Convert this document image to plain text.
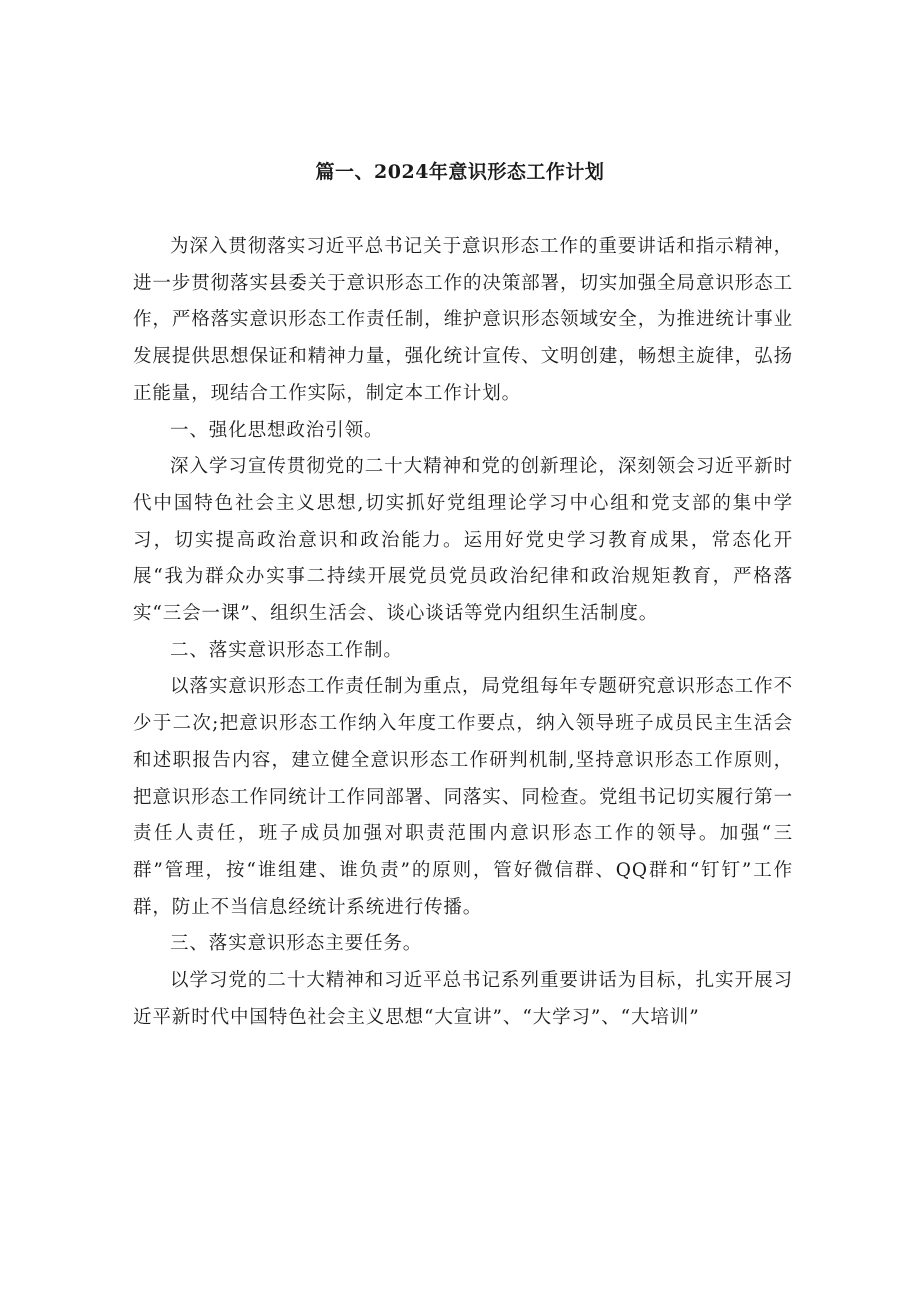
篇一、2024年意识形态工作计划

为深入贯彻落实习近平总书记关于意识形态工作的重要讲话和指示精神，进一步贯彻落实县委关于意识形态工作的决策部署，切实加强全局意识形态工作，严格落实意识形态工作责任制，维护意识形态领域安全，为推进统计事业发展提供思想保证和精神力量，强化统计宣传、文明创建，畅想主旋律，弘扬正能量，现结合工作实际，制定本工作计划。

一、强化思想政治引领。

深入学习宣传贯彻党的二十大精神和党的创新理论，深刻领会习近平新时代中国特色社会主义思想,切实抓好党组理论学习中心组和党支部的集中学习，切实提高政治意识和政治能力。运用好党史学习教育成果，常态化开展“我为群众办实事二持续开展党员党员政治纪律和政治规矩教育，严格落实“三会一课”、组织生活会、谈心谈话等党内组织生活制度。

二、落实意识形态工作制。

以落实意识形态工作责任制为重点，局党组每年专题研究意识形态工作不少于二次;把意识形态工作纳入年度工作要点，纳入领导班子成员民主生活会和述职报告内容，建立健全意识形态工作研判机制,坚持意识形态工作原则，把意识形态工作同统计工作同部署、同落实、同检查。党组书记切实履行第一责任人责任，班子成员加强对职责范围内意识形态工作的领导。加强“三群”管理，按“谁组建、谁负责”的原则，管好微信群、QQ群和“钉钉”工作群，防止不当信息经统计系统进行传播。

三、落实意识形态主要任务。

以学习党的二十大精神和习近平总书记系列重要讲话为目标，扎实开展习近平新时代中国特色社会主义思想“大宣讲”、“大学习”、“大培训”
